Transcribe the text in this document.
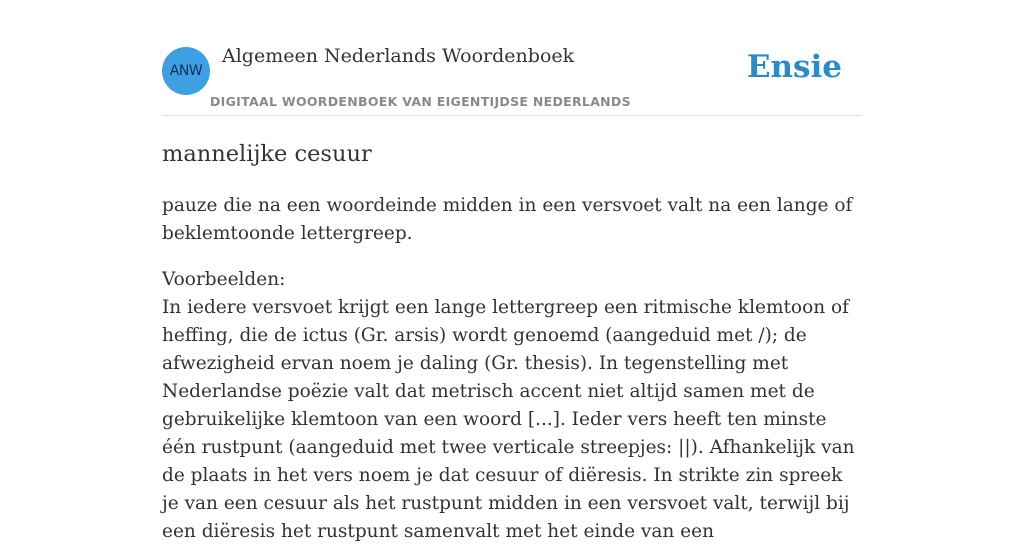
ANW
Algemeen Nederlands Woordenboek
DIGITAAL WOORDENBOEK VAN EIGENTIJDSE NEDERLANDS
Ensie
mannelijke cesuur

pauze die na een woordeinde midden in een versvoet valt na een lange of beklemtoonde lettergreep.

Voorbeelden:

In iedere versvoet krijgt een lange lettergreep een ritmische klemtoon of heffing, die de ictus (Gr. arsis) wordt genoemd (aangeduid met /); de afwezigheid ervan noem je daling (Gr. thesis). In tegenstelling met Nederlandse poëzie valt dat metrisch accent niet altijd samen met de gebruikelijke klemtoon van een woord [...]. Ieder vers heeft ten minste één rustpunt (aangeduid met twee verticale streepjes: ||). Afhankelijk van de plaats in het vers noem je dat cesuur of diëresis. In strikte zin spreek je van een cesuur als het rustpunt midden in een versvoet valt, terwijl bij een diëresis het rustpunt samenvalt met het einde van een
